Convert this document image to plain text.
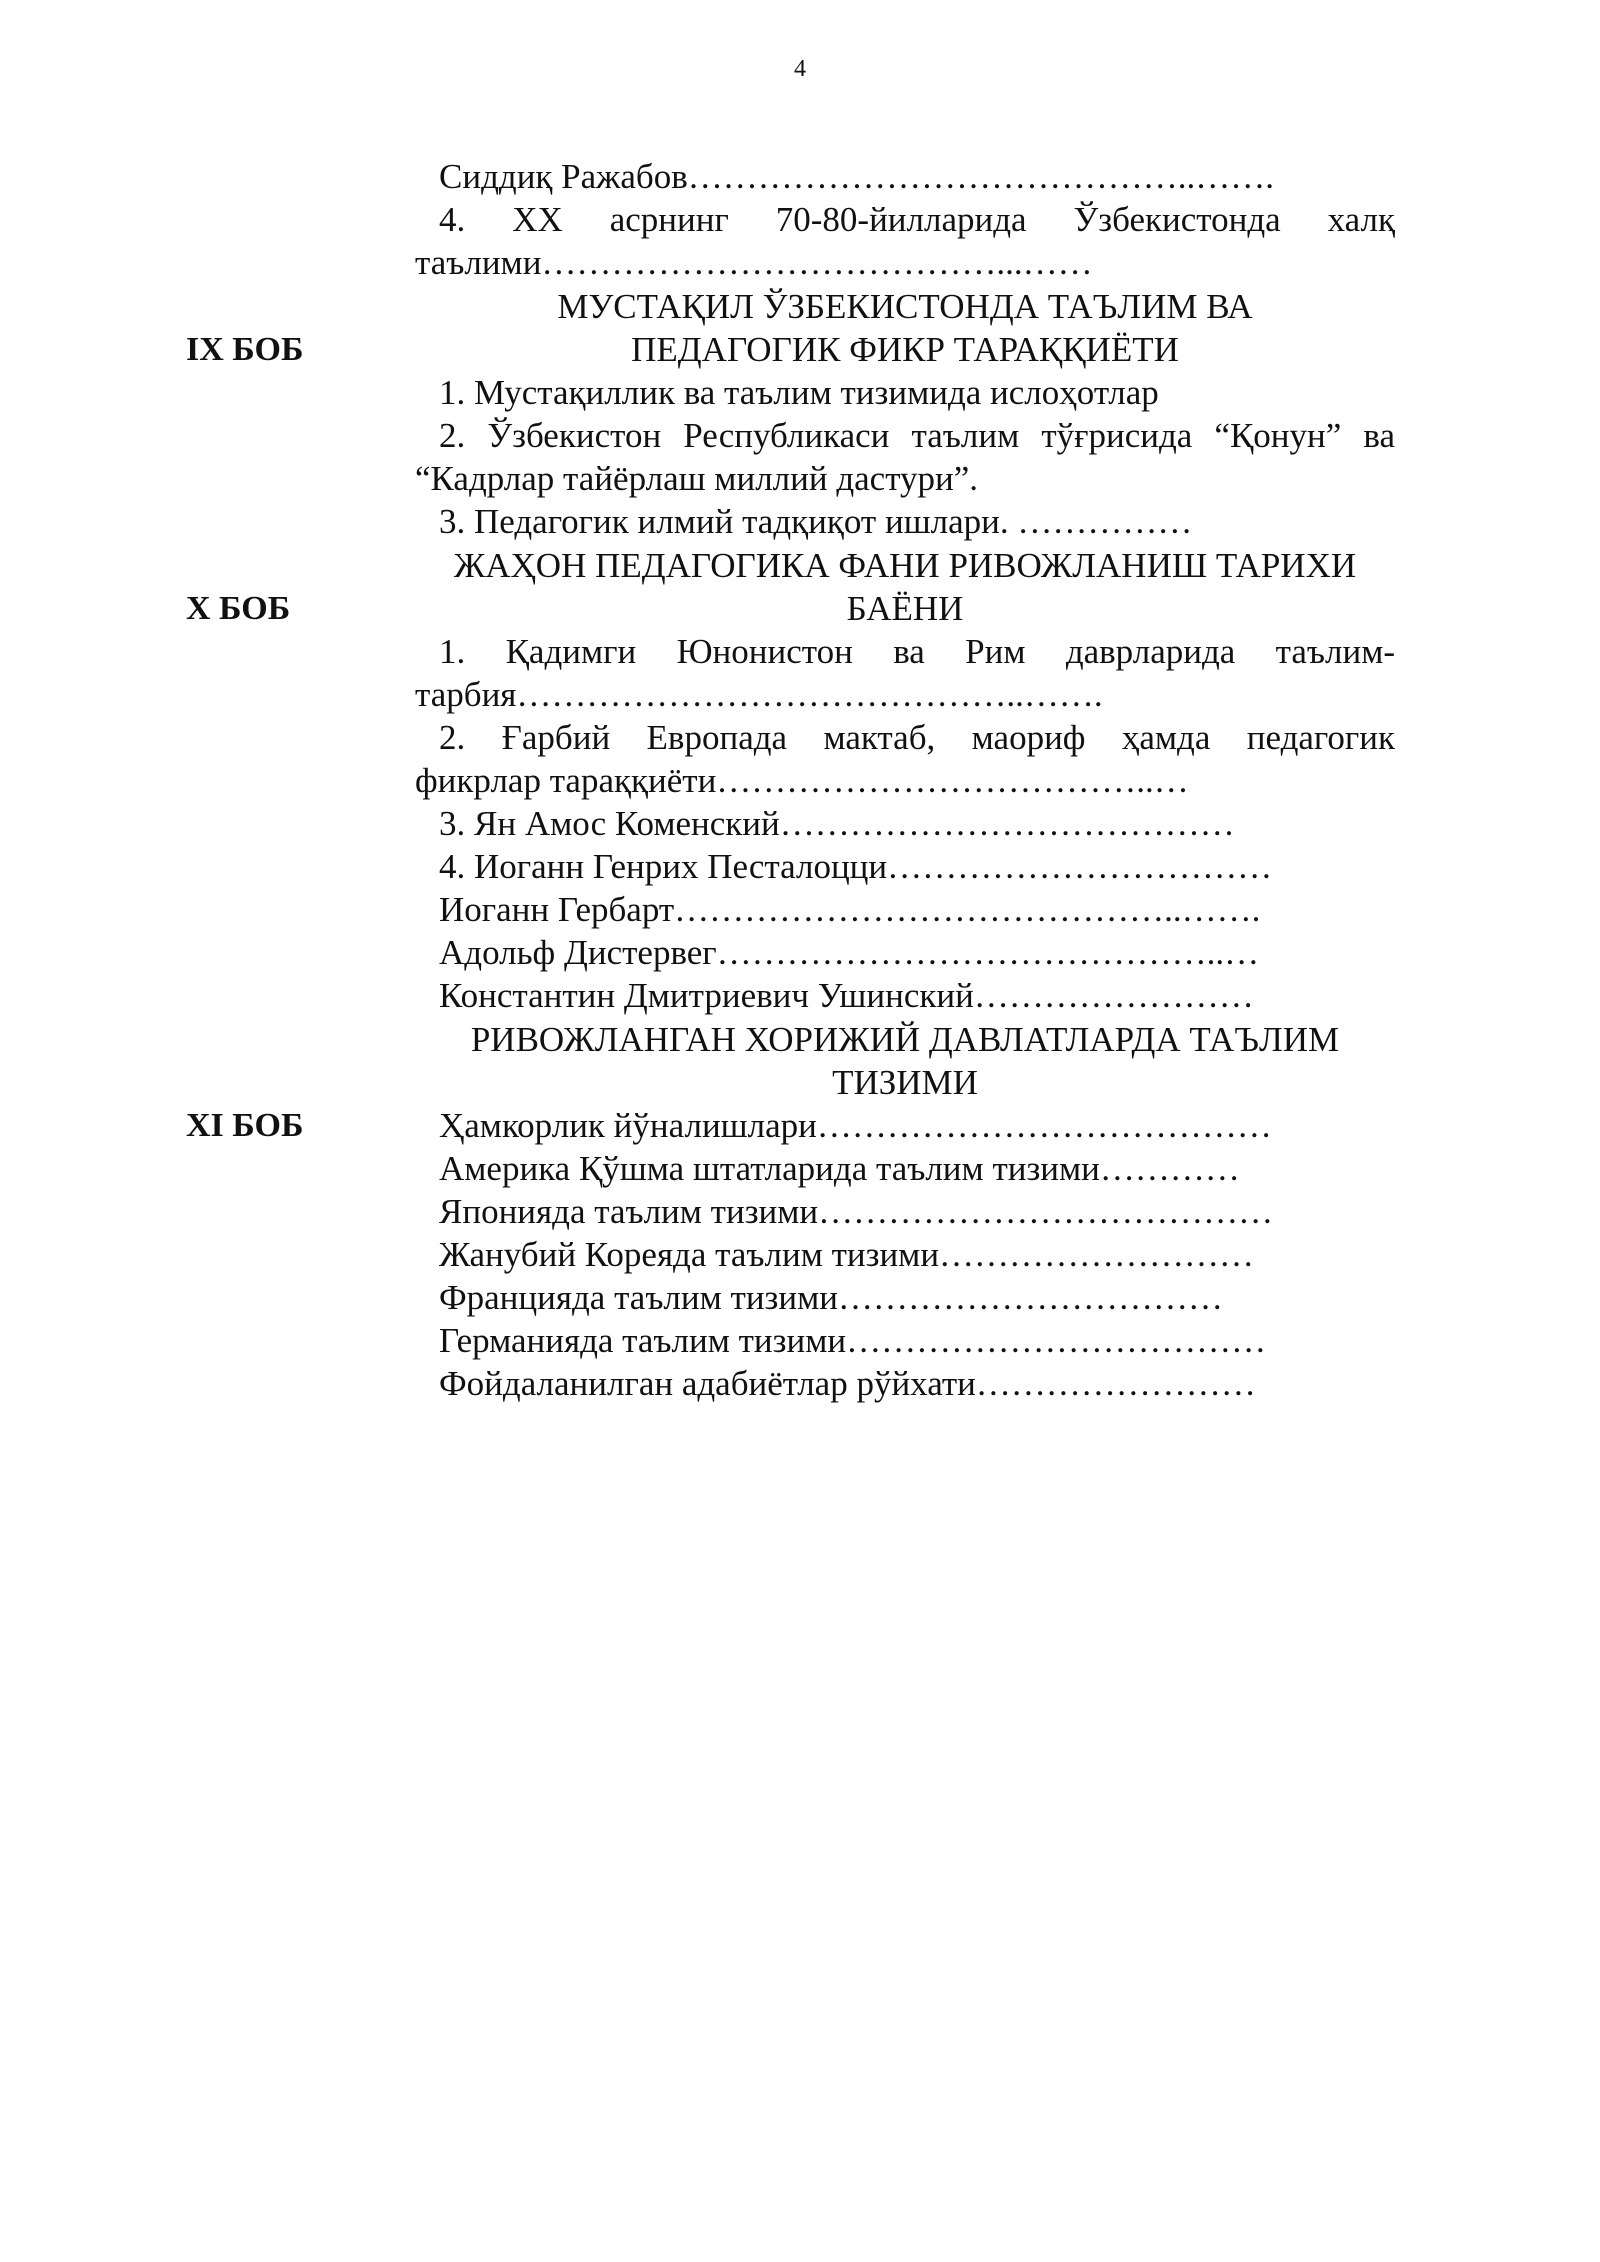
4
Сиддиқ Ражабов……………………………………..…….
4. XX асрнинг 70-80-йилларида Ўзбекистонда халқ
таълими…………………………………...……
МУСТАҚИЛ ЎЗБЕКИСТОНДА ТАЪЛИМ ВА
IX БОБ	ПЕДАГОГИК ФИКР ТАРАҚҚИЁТИ
1. Мустақиллик ва таълим тизимида ислоҳотлар
2. Ўзбекистон Республикаси таълим тўғрисида “Қонун” ва
“Кадрлар тайёрлаш миллий дастури”.
3. Педагогик илмий тадқиқот ишлари. ……………
ЖАҲОН ПЕДАГОГИКА ФАНИ РИВОЖЛАНИШ ТАРИХИ
X БОБ	БАЁНИ
1. Қадимги Юнонистон ва Рим даврларида таълим-
тарбия……………………………………..…….
2. Ғарбий Европада мактаб, маориф ҳамда педагогик
фикрлар тараққиёти………………………………..…
3. Ян Амос Коменский…………………………………
4. Иоганн Генрих Песталоцци……………………………
Иоганн Гербарт……………………………………..…….
Адольф Дистервег……………………………………..…
Константин Дмитриевич Ушинский……………………
РИВОЖЛАНГАН ХОРИЖИЙ ДАВЛАТЛАРДА ТАЪЛИМ
ТИЗИМИ
XI БОБ	Ҳамкорлик йўналишлари…………………………………
Америка Қўшма штатларида таълим тизими…………
Японияда таълим тизими…………………………………
Жанубий Кореяда таълим тизими………………………
Францияда таълим тизими……………………………
Германияда таълим тизими………………………………
Фойдаланилган адабиётлар рўйхати……………………
